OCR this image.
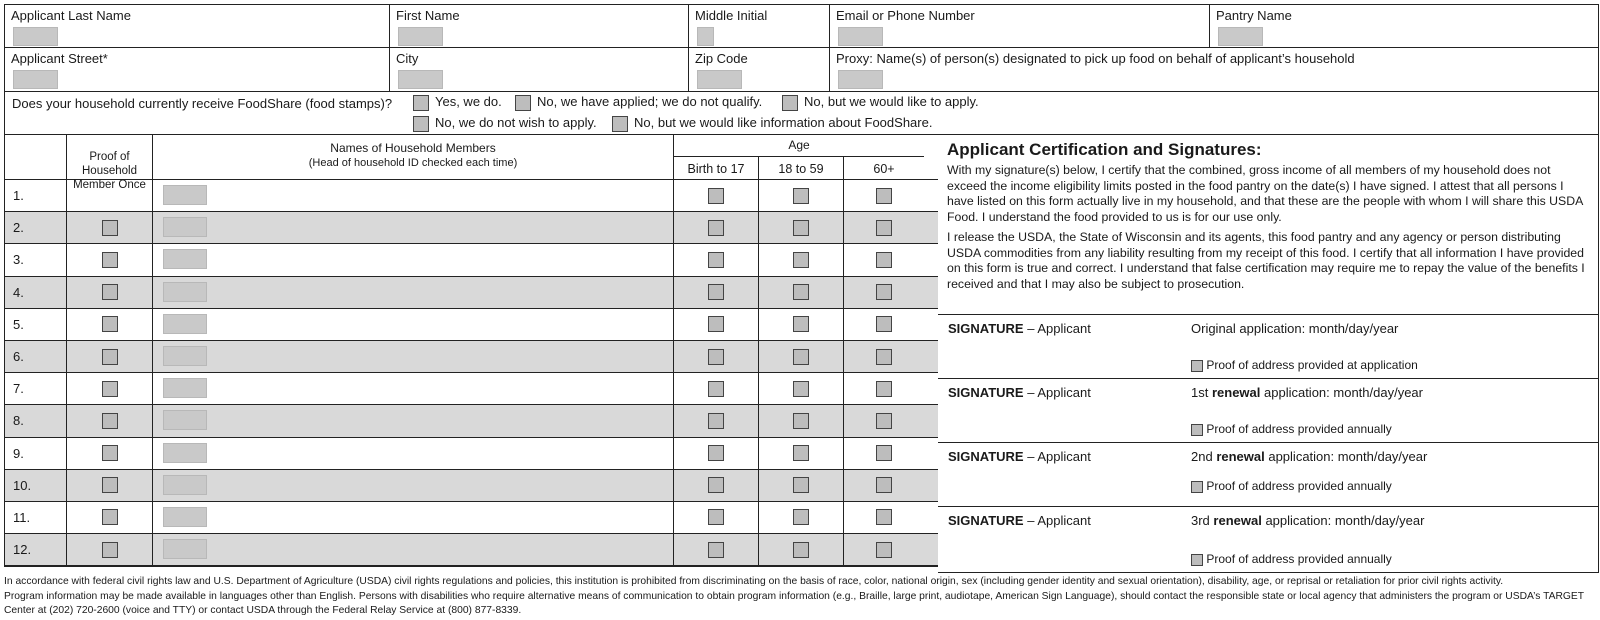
Applicant Last Name	First Name	Middle Initial	Email or Phone Number	Pantry Name
Applicant Street*	City	Zip Code	Proxy: Name(s) of person(s) designated to pick up food on behalf of applicant’s household
Does your household currently receive FoodShare (food stamps)?	Yes, we do.	No, we have applied; we do not qualify.	No, but we would like to apply.
No, we do not wish to apply.	No, but we would like information about FoodShare.
Proof of Household Member Once
Names of Household Members
(Head of household ID checked each time)
Age
Birth to 17	18 to 59	60+
1.
2.
3.
4.
5.
6.
7.
8.
9.
10.
11.
12.
Applicant Certification and Signatures:

With my signature(s) below, I certify that the combined, gross income of all members of my household does not exceed the income eligibility limits posted in the food pantry on the date(s) I have signed. I attest that all persons I have listed on this form actually live in my household, and that these are the people with whom I will share this USDA Food. I understand the food provided to us is for our use only.

I release the USDA, the State of Wisconsin and its agents, this food pantry and any agency or person distributing USDA commodities from any liability resulting from my receipt of this food. I certify that all information I have provided on this form is true and correct. I understand that false certification may require me to repay the value of the benefits I received and that I may also be subject to prosecution.

SIGNATURE – Applicant	Original application: month/day/year
Proof of address provided at application
SIGNATURE – Applicant	1st renewal application: month/day/year
Proof of address provided annually
SIGNATURE – Applicant	2nd renewal application: month/day/year
Proof of address provided annually
SIGNATURE – Applicant	3rd renewal application: month/day/year
Proof of address provided annually
In accordance with federal civil rights law and U.S. Department of Agriculture (USDA) civil rights regulations and policies, this institution is prohibited from discriminating on the basis of race, color, national origin, sex (including gender identity and sexual orientation), disability, age, or reprisal or retaliation for prior civil rights activity.
Program information may be made available in languages other than English. Persons with disabilities who require alternative means of communication to obtain program information (e.g., Braille, large print, audiotape, American Sign Language), should contact the responsible state or local agency that administers the program or USDA’s TARGET Center at (202) 720-2600 (voice and TTY) or contact USDA through the Federal Relay Service at (800) 877-8339.
